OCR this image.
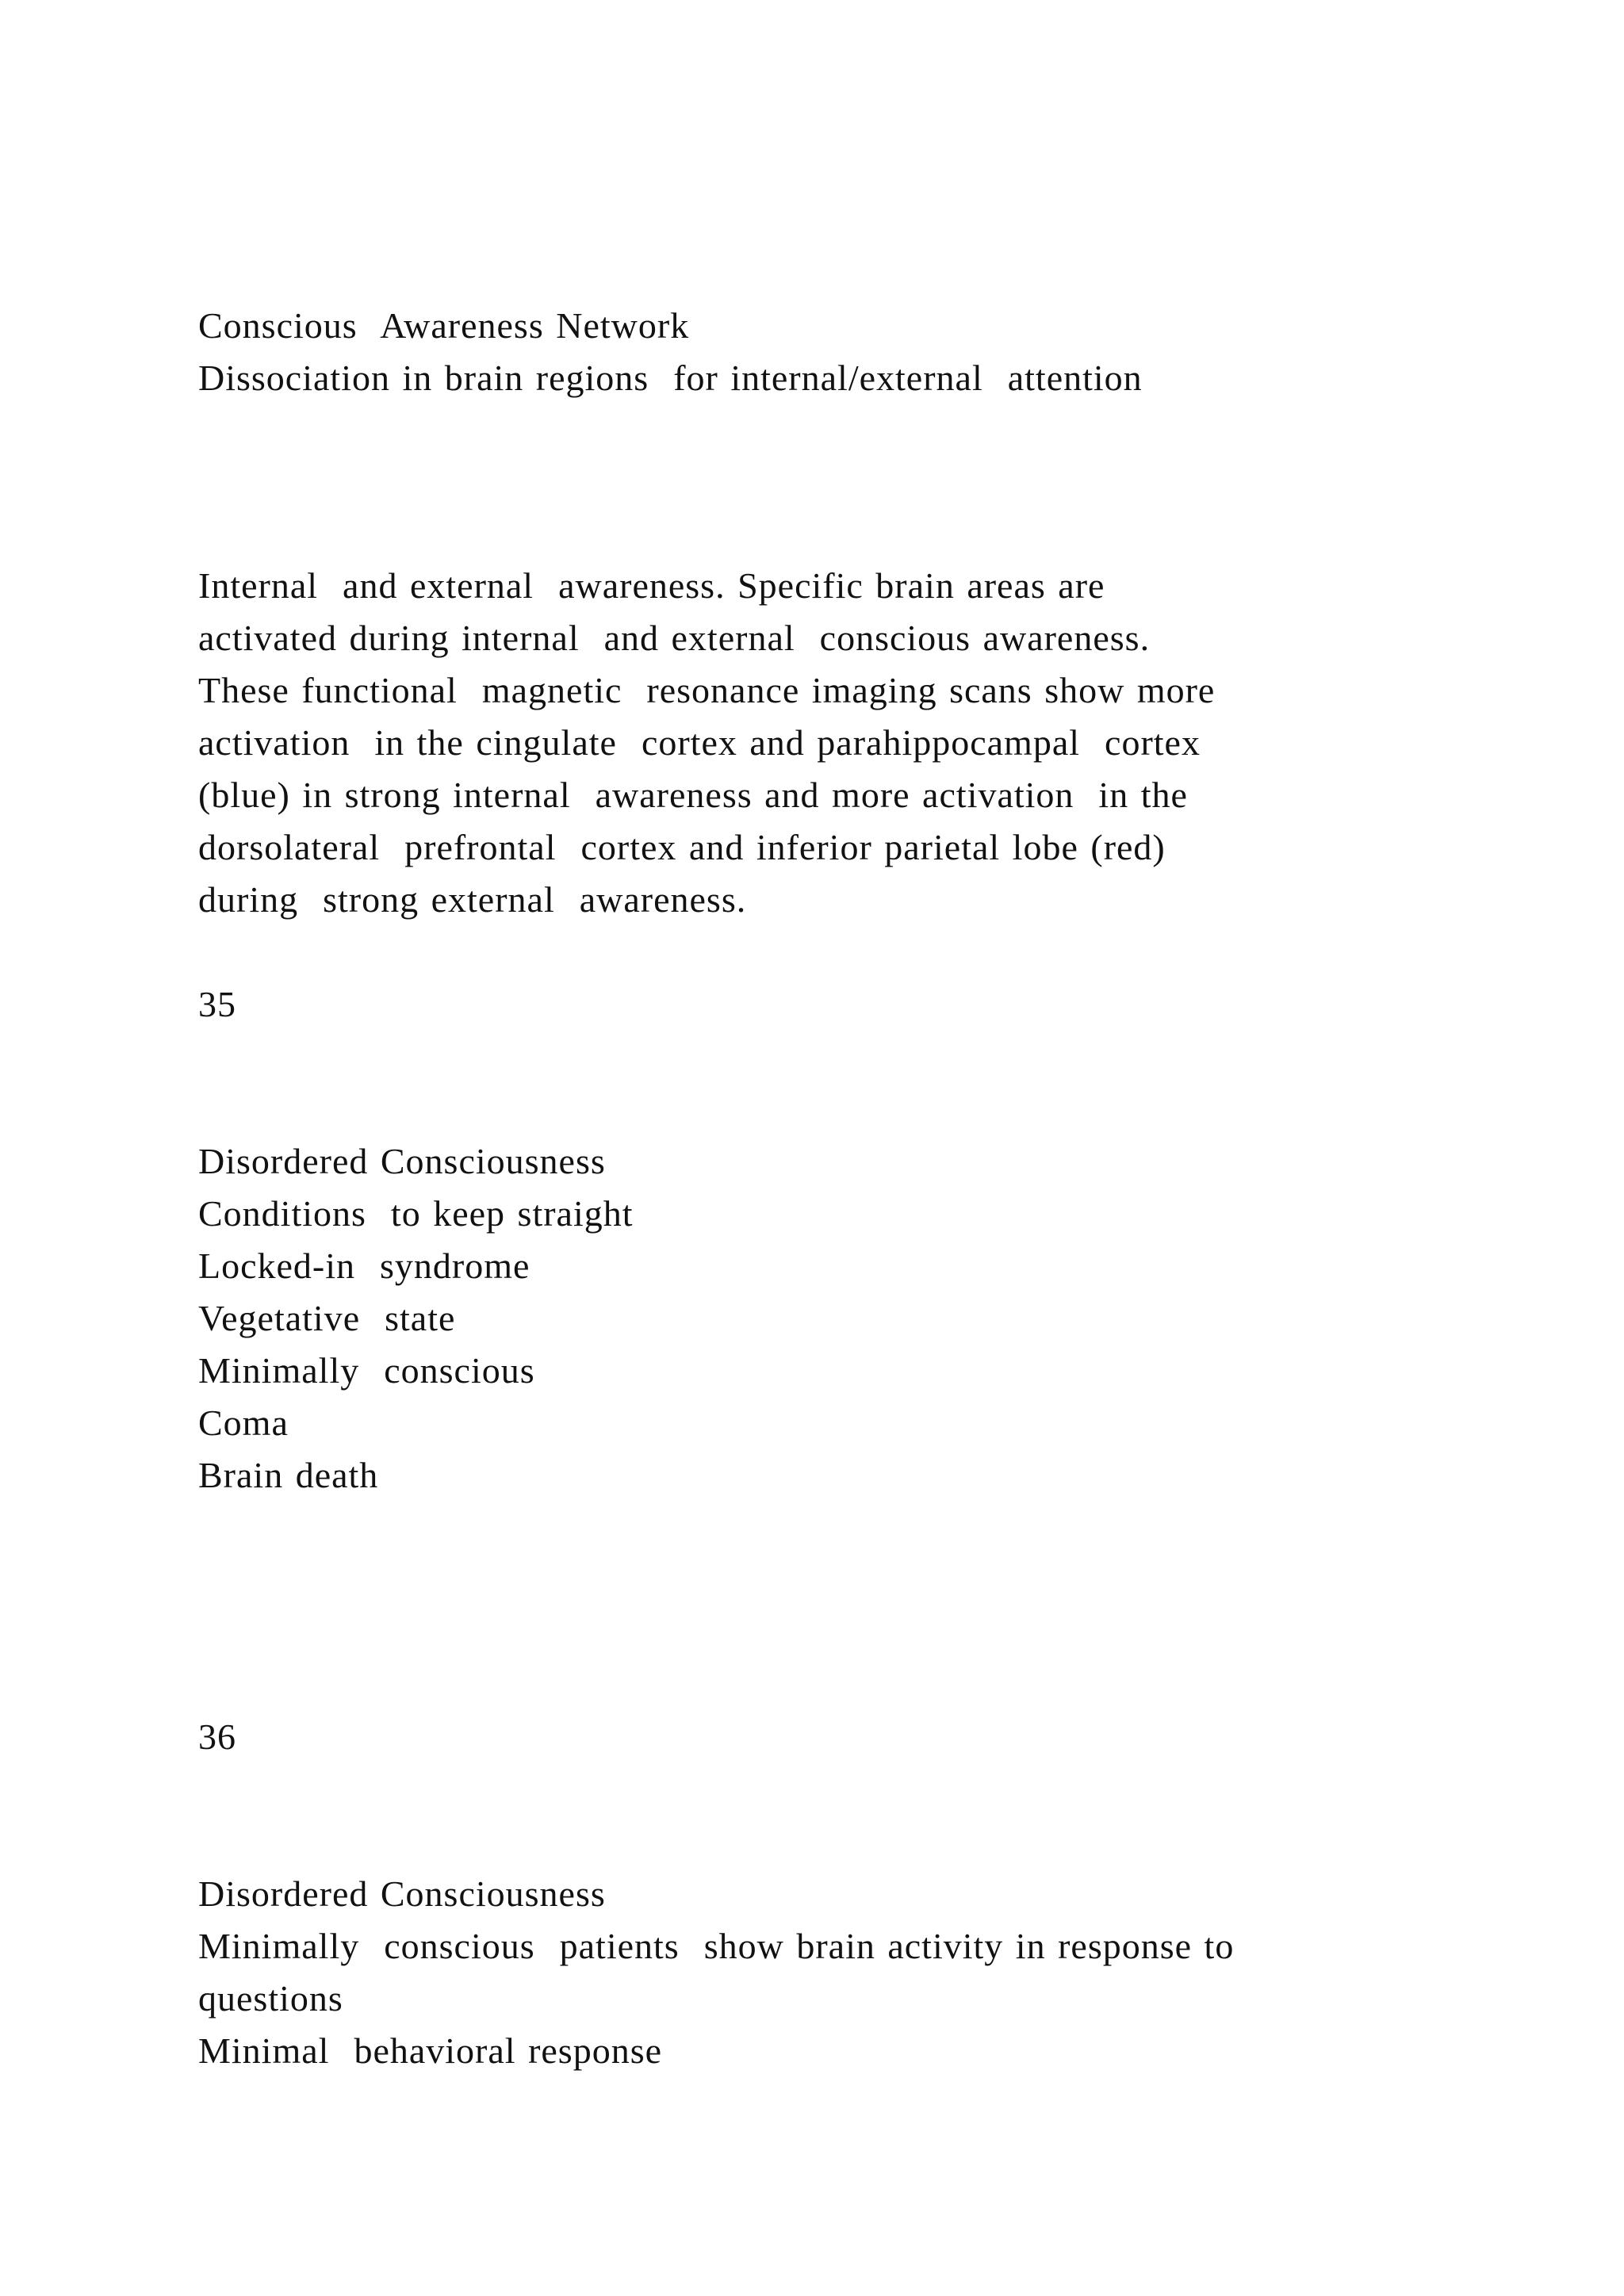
Conscious  Awareness Network
Dissociation in brain regions  for internal/external  attention
Internal  and external  awareness. Specific brain areas are
activated during internal  and external  conscious awareness.
These functional  magnetic  resonance imaging scans show more
activation  in the cingulate  cortex and parahippocampal  cortex
(blue) in strong internal  awareness and more activation  in the
dorsolateral  prefrontal  cortex and inferior parietal lobe (red)
during  strong external  awareness.
35
Disordered Consciousness
Conditions  to keep straight
Locked-in  syndrome
Vegetative  state
Minimally  conscious
Coma
Brain death
36
Disordered Consciousness
Minimally  conscious  patients  show brain activity in response to
questions
Minimal  behavioral response
